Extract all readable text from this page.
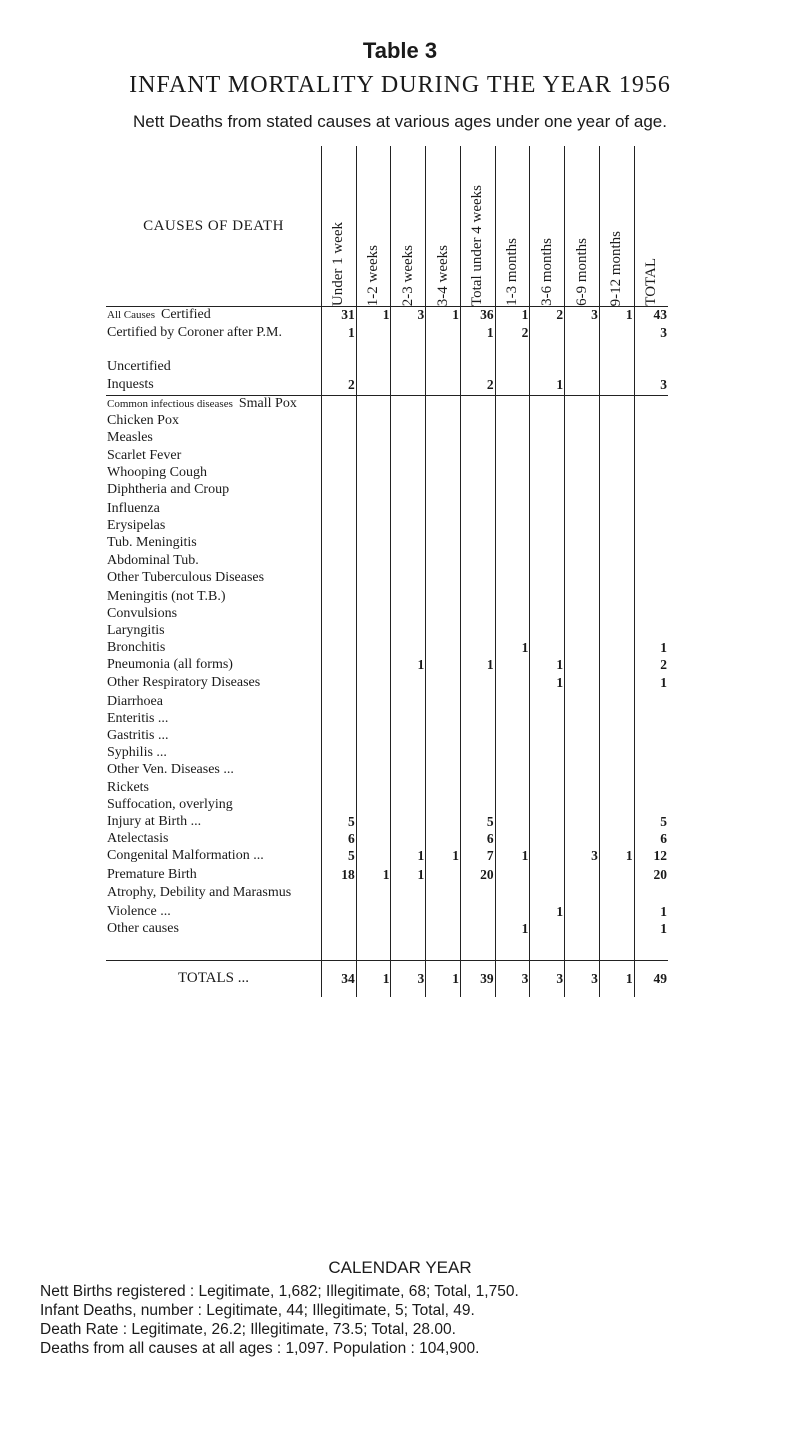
Table 3
INFANT MORTALITY DURING THE YEAR 1956
Nett Deaths from stated causes at various ages under one year of age.
CAUSES OF DEATH	Under 1 week	1-2 weeks	2-3 weeks	3-4 weeks	Total under 4 weeks	1-3 months	3-6 months	6-9 months	9-12 months	TOTAL

All Causes Certified	31	1	3	1	36	1	2	3	1	43
Certified by Coroner after P.M.	1				1	2				3
Uncertified										
Inquests	2				2		1			3
Common infectious diseases Small Pox										
Chicken Pox										
Measles										
Scarlet Fever										
Whooping Cough										
Diphtheria and Croup										
Influenza										
Erysipelas										
Tub. Meningitis										
Abdominal Tub.										
Other Tuberculous Diseases										
Meningitis (not T.B.)										
Convulsions										
Laryngitis										
Bronchitis						1				1
Pneumonia (all forms)			1		1		1			2
Other Respiratory Diseases							1			1
Diarrhoea										
Enteritis ...										
Gastritis ...										
Syphilis ...										
Other Ven. Diseases ...										
Rickets										
Suffocation, overlying										
Injury at Birth ...	5				5					5
Atelectasis	6				6					6
Congenital Malformation ...	5		1	1	7	1		3	1	12
Premature Birth	18	1	1		20					20
Atrophy, Debility and Marasmus										
Violence ...							1			1
Other causes						1				1

TOTALS ...	34	1	3	1	39	3	3	3	1	49
CALENDAR YEAR
Nett Births registered : Legitimate, 1,682; Illegitimate, 68; Total, 1,750.
Infant Deaths, number : Legitimate, 44; Illegitimate, 5; Total, 49.
Death Rate : Legitimate, 26.2; Illegitimate, 73.5; Total, 28.00.
Deaths from all causes at all ages : 1,097. Population : 104,900.
